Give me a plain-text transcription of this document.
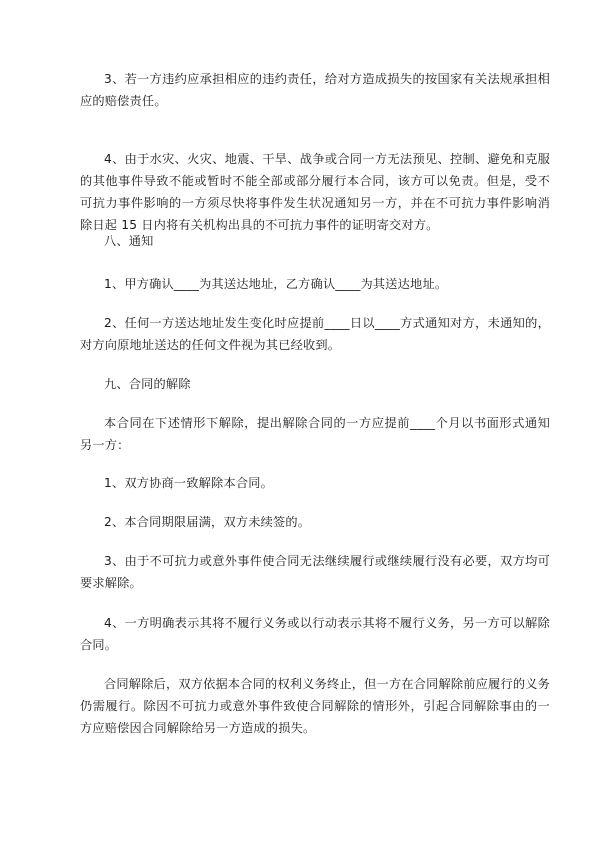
3、若一方违约应承担相应的违约责任，给对方造成损失的按国家有关法规承担相应的赔偿责任。

4、由于水灾、火灾、地震、干旱、战争或合同一方无法预见、控制、避免和克服的其他事件导致不能或暂时不能全部或部分履行本合同，该方可以免责。但是，受不可抗力事件影响的一方须尽快将事件发生状况通知另一方，并在不可抗力事件影响消除日起 15 日内将有关机构出具的不可抗力事件的证明寄交对方。

八、通知

1、甲方确认____为其送达地址，乙方确认____为其送达地址。

2、任何一方送达地址发生变化时应提前____日以____方式通知对方，未通知的，对方向原地址送达的任何文件视为其已经收到。

九、合同的解除

本合同在下述情形下解除，提出解除合同的一方应提前____个月以书面形式通知另一方：

1、双方协商一致解除本合同。

2、本合同期限届满，双方未续签的。

3、由于不可抗力或意外事件使合同无法继续履行或继续履行没有必要，双方均可要求解除。

4、一方明确表示其将不履行义务或以行动表示其将不履行义务，另一方可以解除合同。

合同解除后，双方依据本合同的权利义务终止，但一方在合同解除前应履行的义务仍需履行。除因不可抗力或意外事件致使合同解除的情形外，引起合同解除事由的一方应赔偿因合同解除给另一方造成的损失。
